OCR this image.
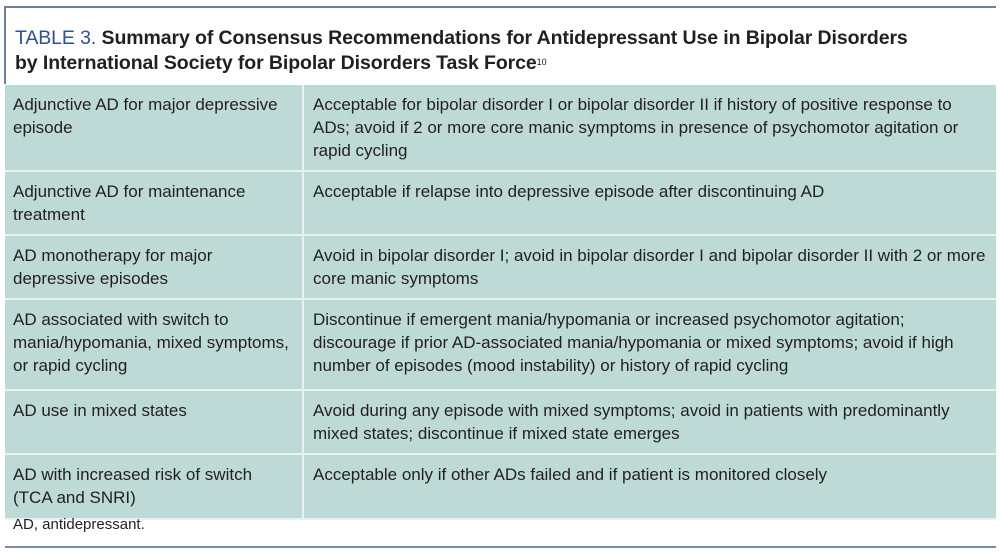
TABLE 3. Summary of Consensus Recommendations for Antidepressant Use in Bipolar Disorders
by International Society for Bipolar Disorders Task Force$^{10}$
Adjunctive AD for major depressive episode	Acceptable for bipolar disorder I or bipolar disorder II if history of positive response to ADs; avoid if 2 or more core manic symptoms in presence of psychomotor agitation or rapid cycling
Adjunctive AD for maintenance treatment	Acceptable if relapse into depressive episode after discontinuing AD
AD monotherapy for major depressive episodes	Avoid in bipolar disorder I; avoid in bipolar disorder I and bipolar disorder II with 2 or more core manic symptoms
AD associated with switch to mania/hypomania, mixed symptoms, or rapid cycling	Discontinue if emergent mania/hypomania or increased psychomotor agitation; discourage if prior AD-associated mania/hypomania or mixed symptoms; avoid if high number of episodes (mood instability) or history of rapid cycling
AD use in mixed states	Avoid during any episode with mixed symptoms; avoid in patients with predominantly mixed states; discontinue if mixed state emerges
AD with increased risk of switch (TCA and SNRI)	Acceptable only if other ADs failed and if patient is monitored closely
AD, antidepressant.
